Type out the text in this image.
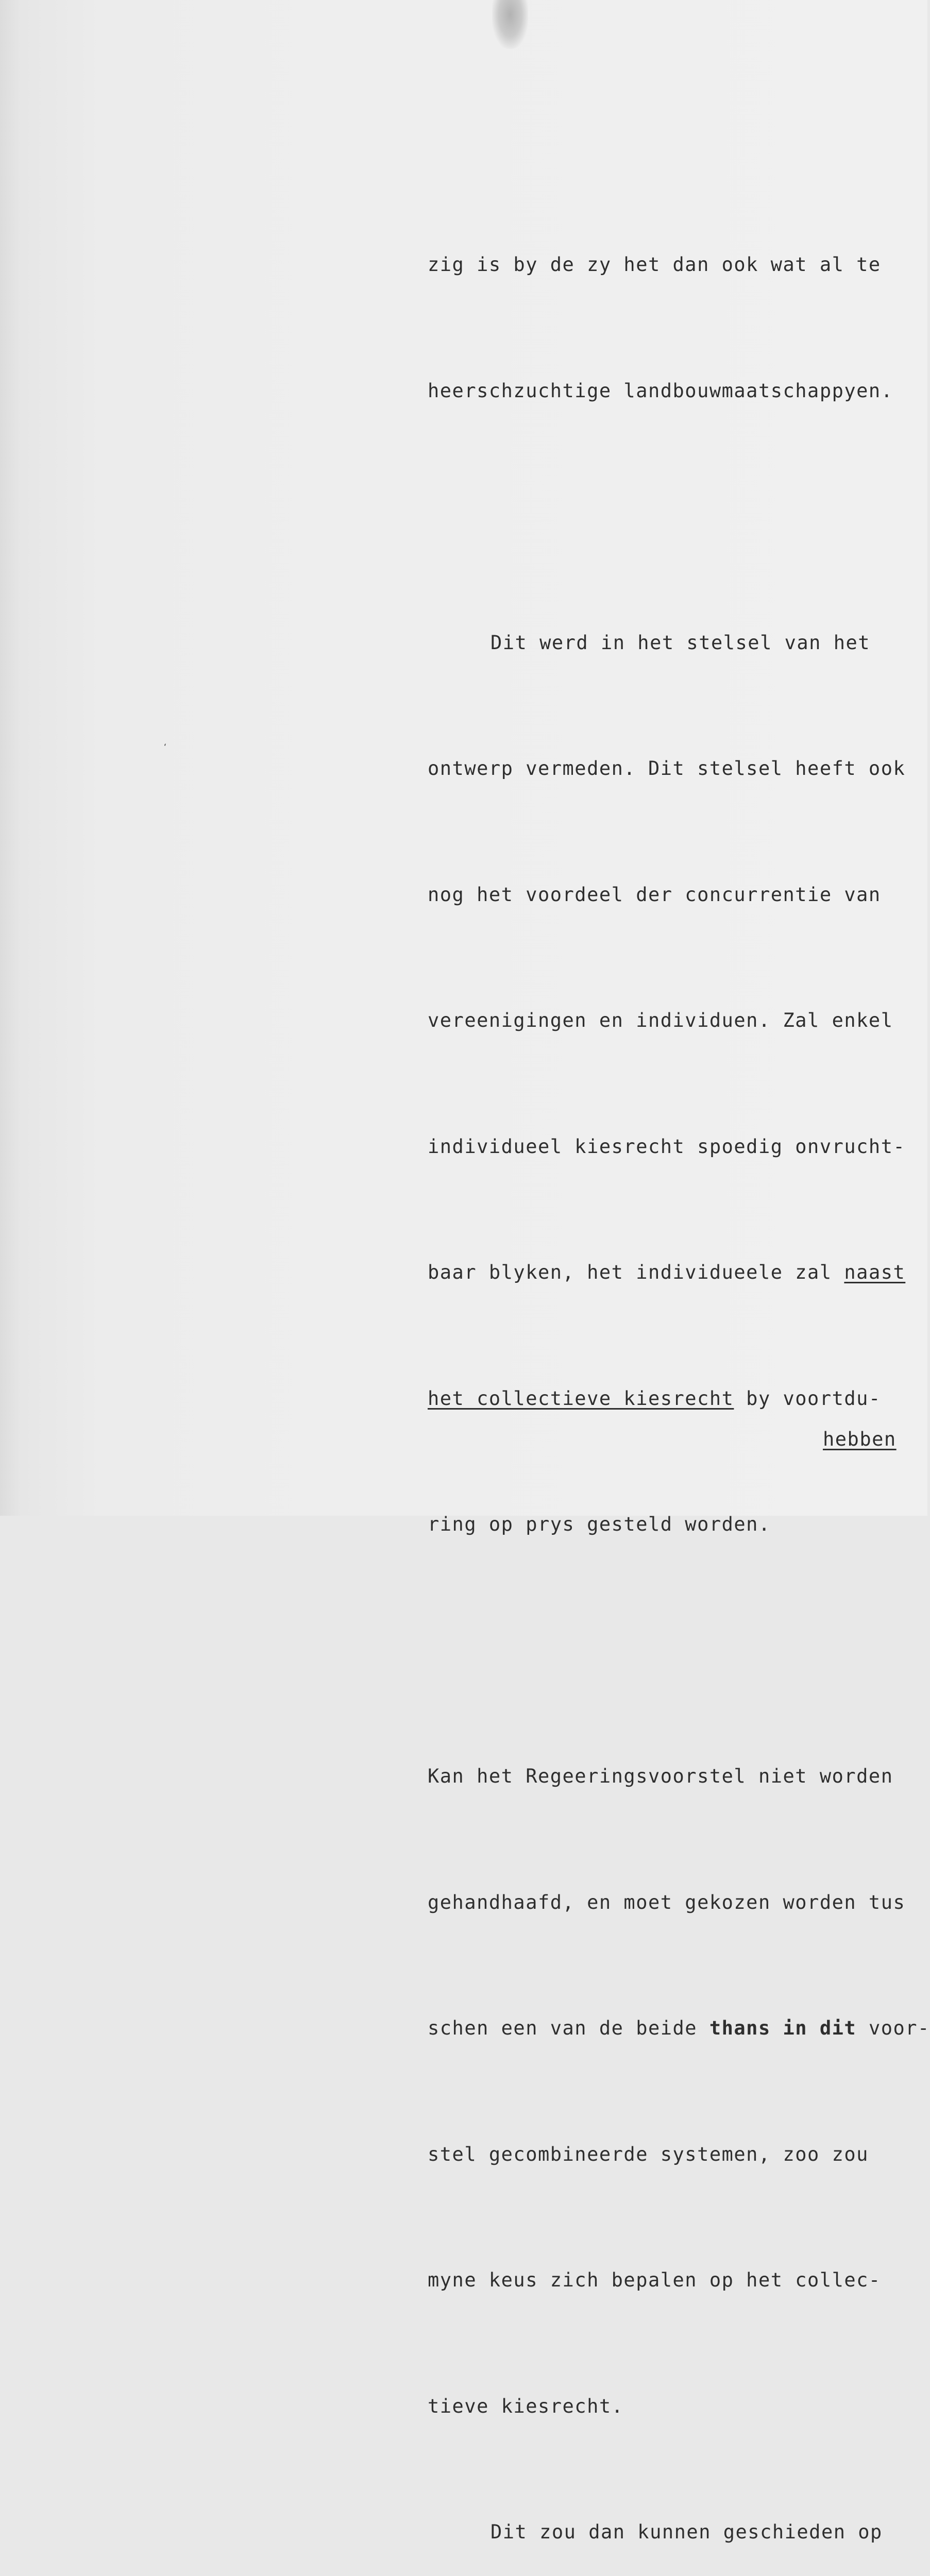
‘

zig is by de zy het dan ook wat al te

heerschzuchtige landbouwmaatschappyen.

Dit werd in het stelsel van het

ontwerp vermeden. Dit stelsel heeft ook

nog het voordeel der concurrentie van

vereenigingen en individuen. Zal enkel

individueel kiesrecht spoedig onvrucht-

baar blyken, het individueele zal naast

het collectieve kiesrecht by voortdu-

ring op prys gesteld worden.

Kan het Regeeringsvoorstel niet worden

gehandhaafd, en moet gekozen worden tus

schen een van de beide thans in dit voor-

stel gecombineerde systemen, zoo zou

myne keus zich bepalen op het collec-

tieve kiesrecht.

Dit zou dan kunnen geschieden op

hebben
